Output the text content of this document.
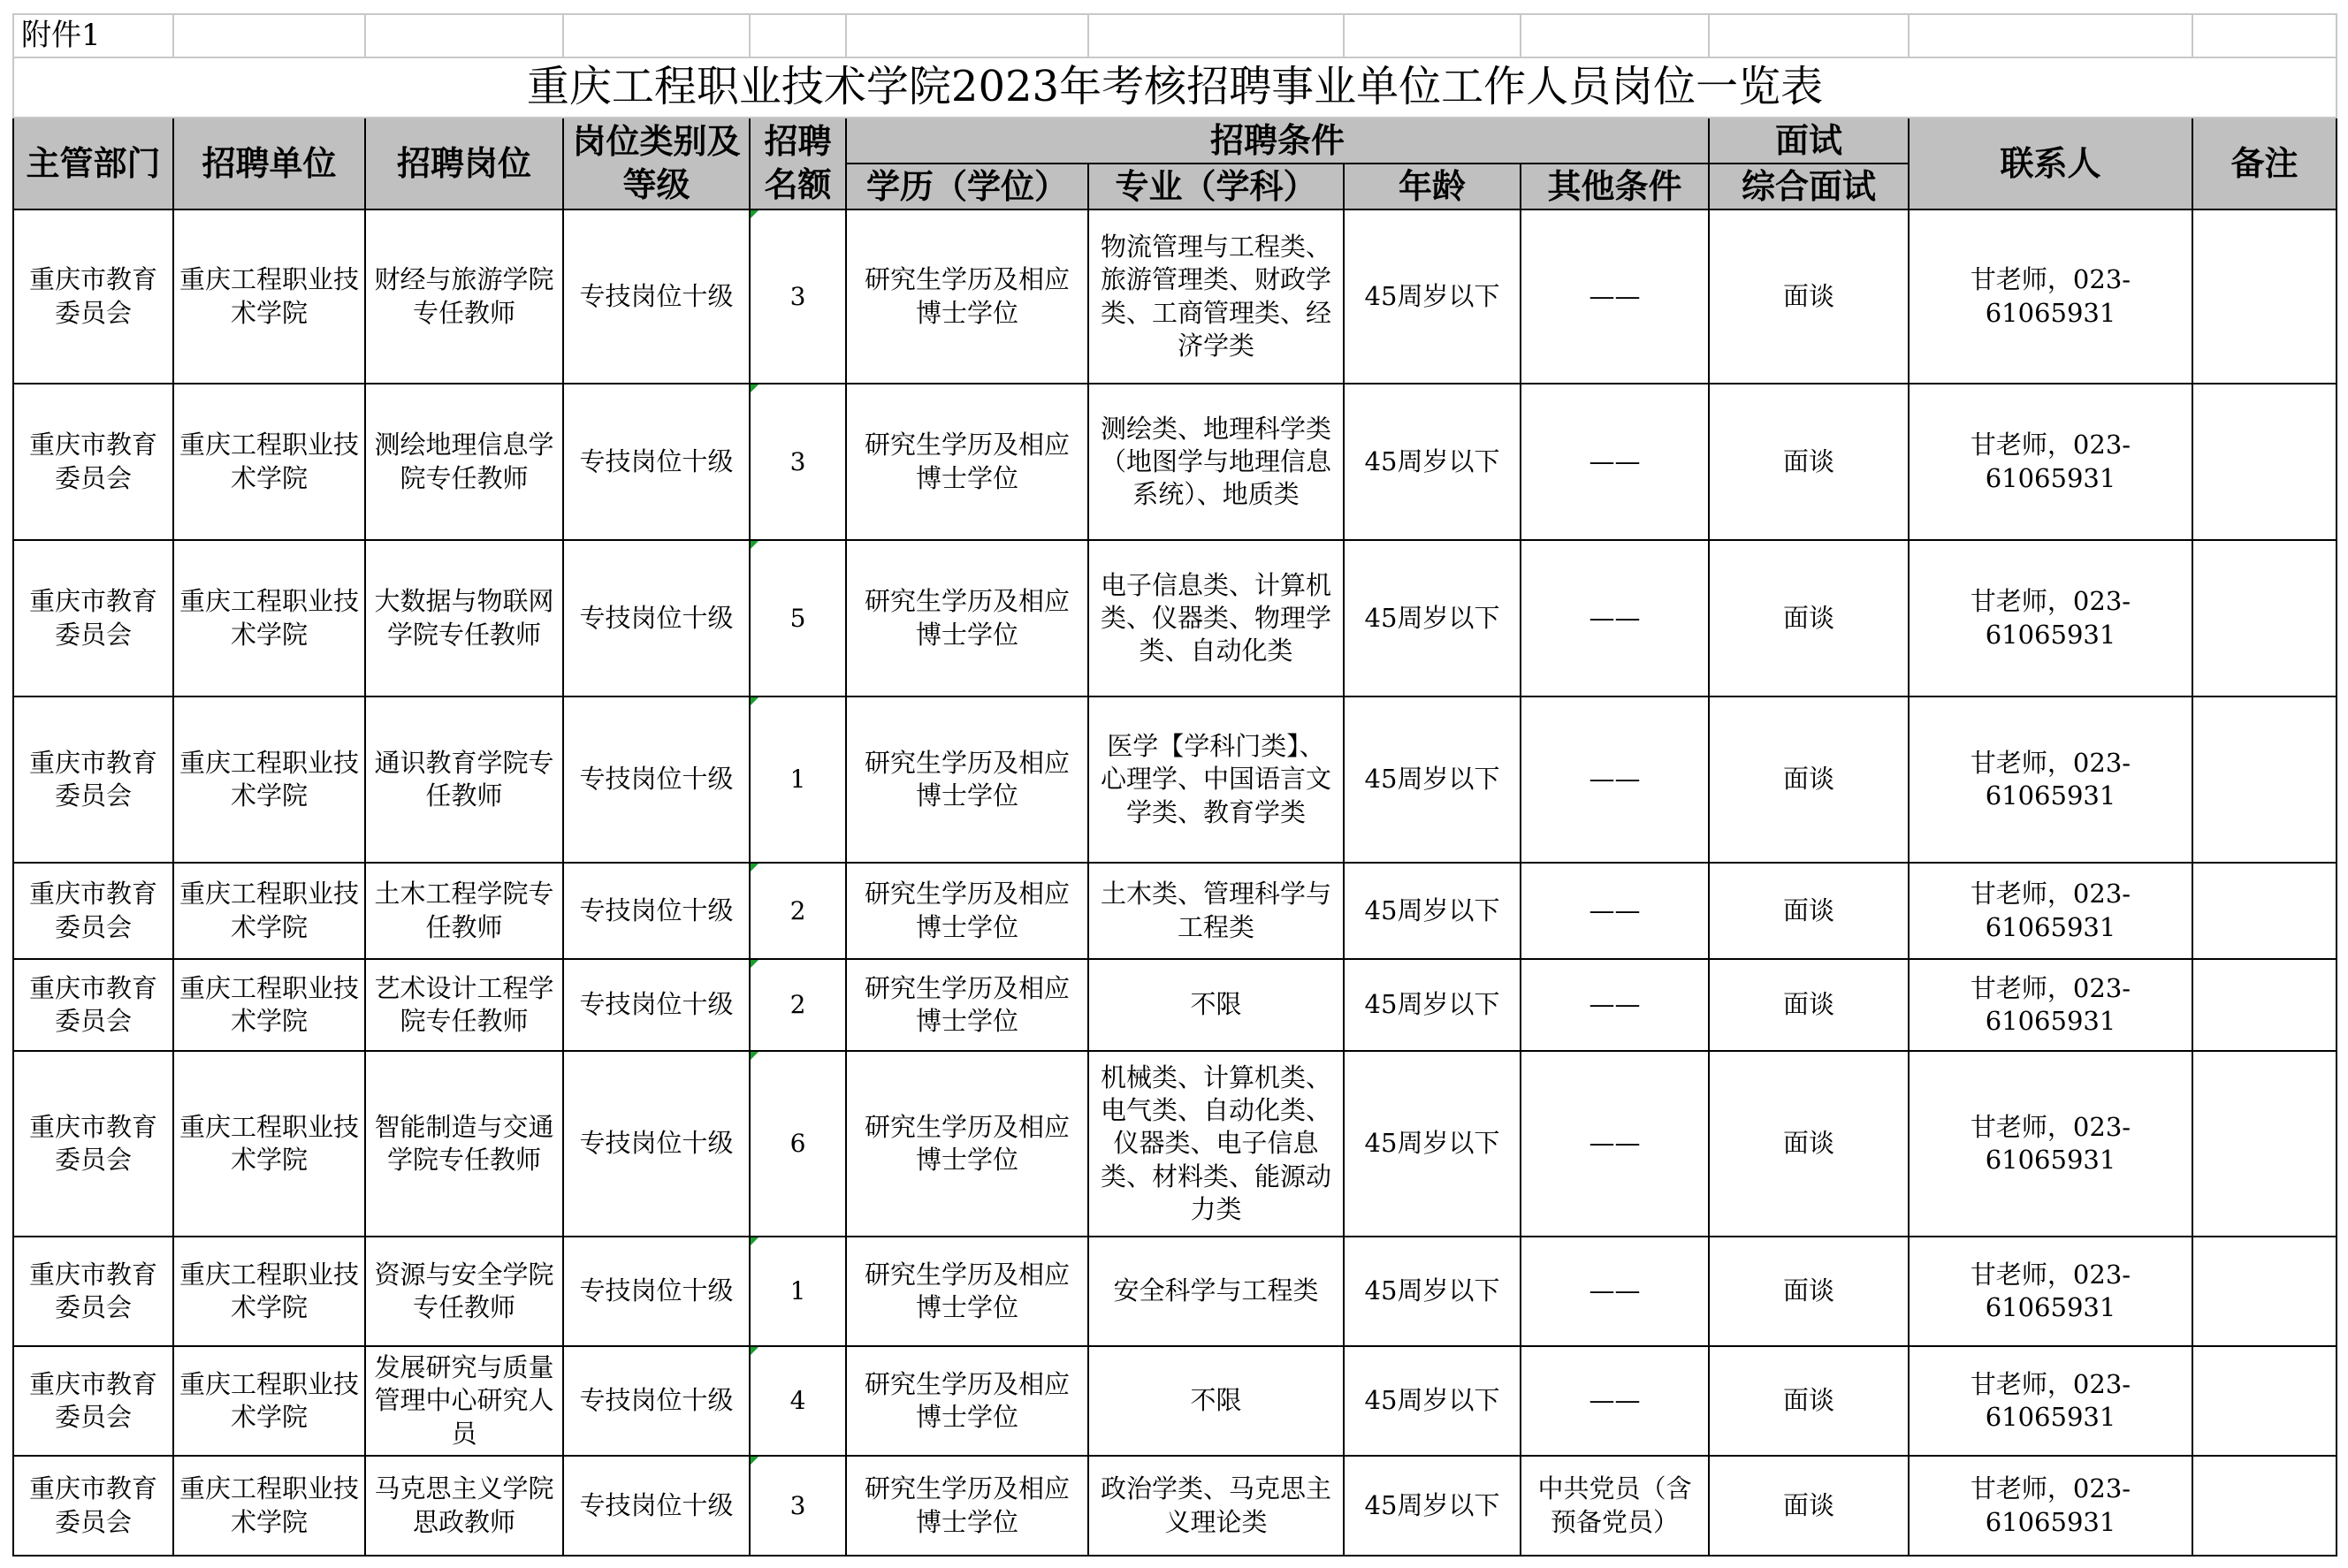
附件1											
重庆工程职业技术学院2023年考核招聘事业单位工作人员岗位一览表											
主管部门	招聘单位	招聘岗位	岗位类别及等级	招聘名额	招聘条件				面试	联系人	备注
					学历（学位）	专业（学科）	年龄	其他条件	综合面试		
重庆市教育委员会	重庆工程职业技术学院	财经与旅游学院专任教师	专技岗位十级	3	研究生学历及相应博士学位	物流管理与工程类、旅游管理类、财政学类、工商管理类、经济学类	45周岁以下	——	面谈	甘老师，023-61065931	
重庆市教育委员会	重庆工程职业技术学院	测绘地理信息学院专任教师	专技岗位十级	3	研究生学历及相应博士学位	测绘类、地理科学类（地图学与地理信息系统）、地质类	45周岁以下	——	面谈	甘老师，023-61065931	
重庆市教育委员会	重庆工程职业技术学院	大数据与物联网学院专任教师	专技岗位十级	5	研究生学历及相应博士学位	电子信息类、计算机类、仪器类、物理学类、自动化类	45周岁以下	——	面谈	甘老师，023-61065931	
重庆市教育委员会	重庆工程职业技术学院	通识教育学院专任教师	专技岗位十级	1	研究生学历及相应博士学位	医学【学科门类】、心理学、中国语言文学类、教育学类	45周岁以下	——	面谈	甘老师，023-61065931	
重庆市教育委员会	重庆工程职业技术学院	土木工程学院专任教师	专技岗位十级	2	研究生学历及相应博士学位	土木类、管理科学与工程类	45周岁以下	——	面谈	甘老师，023-61065931	
重庆市教育委员会	重庆工程职业技术学院	艺术设计工程学院专任教师	专技岗位十级	2	研究生学历及相应博士学位	不限	45周岁以下	——	面谈	甘老师，023-61065931	
重庆市教育委员会	重庆工程职业技术学院	智能制造与交通学院专任教师	专技岗位十级	6	研究生学历及相应博士学位	机械类、计算机类、电气类、自动化类、仪器类、电子信息类、材料类、能源动力类	45周岁以下	——	面谈	甘老师，023-61065931	
重庆市教育委员会	重庆工程职业技术学院	资源与安全学院专任教师	专技岗位十级	1	研究生学历及相应博士学位	安全科学与工程类	45周岁以下	——	面谈	甘老师，023-61065931	
重庆市教育委员会	重庆工程职业技术学院	发展研究与质量管理中心研究人员	专技岗位十级	4	研究生学历及相应博士学位	不限	45周岁以下	——	面谈	甘老师，023-61065931	
重庆市教育委员会	重庆工程职业技术学院	马克思主义学院思政教师	专技岗位十级	3	研究生学历及相应博士学位	政治学类、马克思主义理论类	45周岁以下	中共党员（含预备党员）	面谈	甘老师，023-61065931	
